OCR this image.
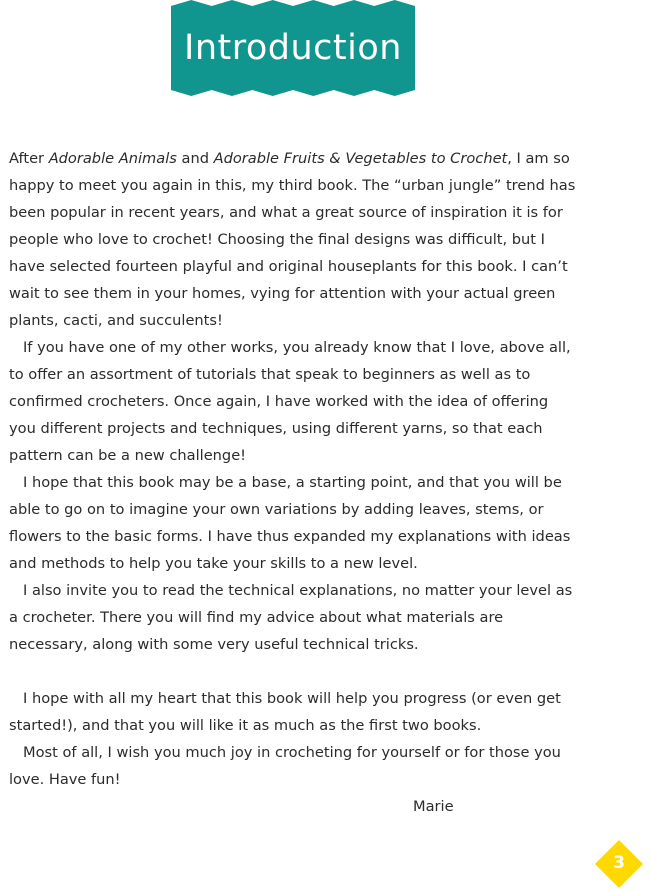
Introduction

After Adorable Animals and Adorable Fruits & Vegetables to Crochet, I am so happy to meet you again in this, my third book. The “urban jungle” trend has been popular in recent years, and what a great source of inspiration it is for people who love to crochet! Choosing the final designs was difficult, but I have selected fourteen playful and original houseplants for this book. I can’t wait to see them in your homes, vying for attention with your actual green plants, cacti, and succulents!

If you have one of my other works, you already know that I love, above all, to offer an assortment of tutorials that speak to beginners as well as to confirmed crocheters. Once again, I have worked with the idea of offering you different projects and techniques, using different yarns, so that each pattern can be a new challenge!

I hope that this book may be a base, a starting point, and that you will be able to go on to imagine your own variations by adding leaves, stems, or flowers to the basic forms. I have thus expanded my explanations with ideas and methods to help you take your skills to a new level.

I also invite you to read the technical explanations, no matter your level as a crocheter. There you will find my advice about what materials are necessary, along with some very useful technical tricks.

I hope with all my heart that this book will help you progress (or even get started!), and that you will like it as much as the first two books.

Most of all, I wish you much joy in crocheting for yourself or for those you love. Have fun!

Marie
3
